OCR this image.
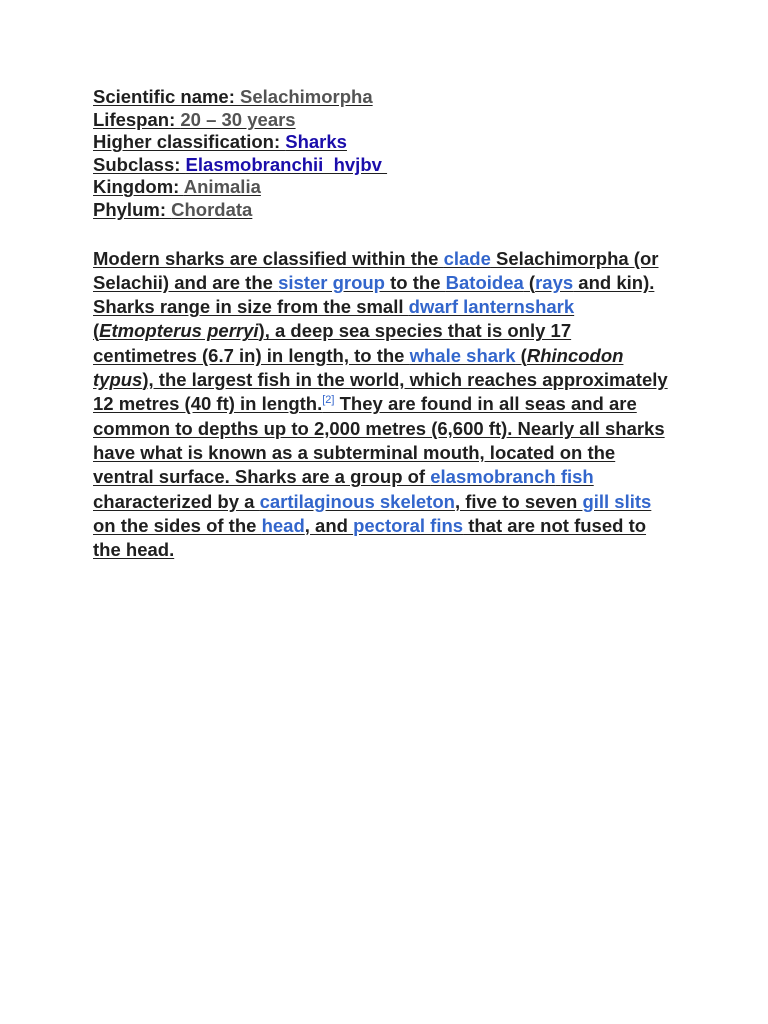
Scientific name: Selachimorpha
Lifespan: 20 – 30 years
Higher classification: Sharks
Subclass: Elasmobranchii  hvjbv
Kingdom: Animalia
Phylum: Chordata
Modern sharks are classified within the clade Selachimorpha (or Selachii) and are the sister group to the Batoidea (rays and kin). Sharks range in size from the small dwarf lanternshark (Etmopterus perryi), a deep sea species that is only 17 centimetres (6.7 in) in length, to the whale shark (Rhincodon typus), the largest fish in the world, which reaches approximately 12 metres (40 ft) in length.[2] They are found in all seas and are common to depths up to 2,000 metres (6,600 ft). Nearly all sharks have what is known as a subterminal mouth, located on the ventral surface. Sharks are a group of elasmobranch fish characterized by a cartilaginous skeleton, five to seven gill slits on the sides of the head, and pectoral fins that are not fused to the head.
